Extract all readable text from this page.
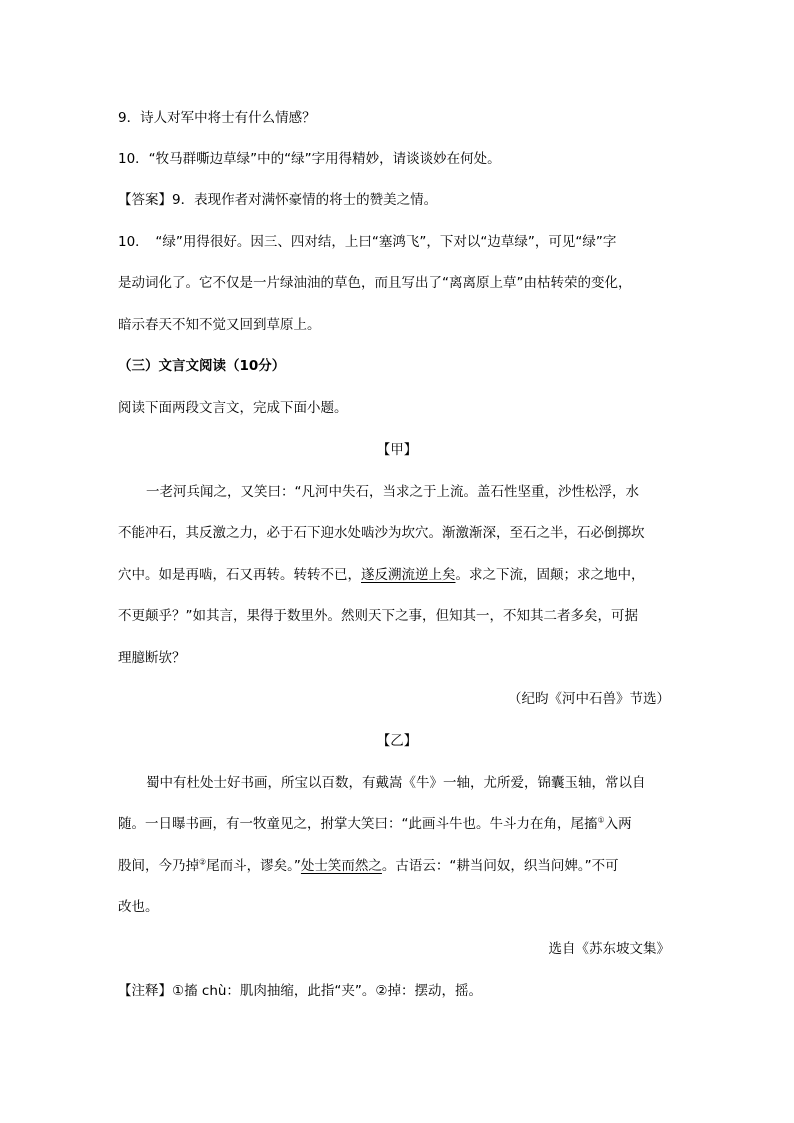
9．诗人对军中将士有什么情感？
10．“牧马群嘶边草绿”中的“绿”字用得精妙，请谈谈妙在何处。
【答案】9．表现作者对满怀豪情的将士的赞美之情。
10．　“绿”用得很好。因三、四对结，上曰“塞鸿飞”，下对以“边草绿”，可见“绿”字
是动词化了。它不仅是一片绿油油的草色，而且写出了“离离原上草”由枯转荣的变化，
暗示春天不知不觉又回到草原上。
（三）文言文阅读（10分）
阅读下面两段文言文，完成下面小题。
【甲】
一老河兵闻之，又笑曰：“凡河中失石，当求之于上流。盖石性坚重，沙性松浮，水
不能冲石，其反激之力，必于石下迎水处啮沙为坎穴。渐激渐深，至石之半，石必倒掷坎
穴中。如是再啮，石又再转。转转不已，遂反溯流逆上矣。求之下流，固颠；求之地中，
不更颠乎？”如其言，果得于数里外。然则天下之事，但知其一，不知其二者多矣，可据
理臆断欤？
（纪昀《河中石兽》节选）
【乙】
蜀中有杜处士好书画，所宝以百数，有戴嵩《牛》一轴，尤所爱，锦囊玉轴，常以自
随。一日曝书画，有一牧童见之，拊掌大笑曰：“此画斗牛也。牛斗力在角，尾搐①入两
股间，今乃掉②尾而斗，谬矣。”处士笑而然之。古语云：“耕当问奴，织当问婢。”不可
改也。
选自《苏东坡文集》
【注释】①搐 chù：肌肉抽缩，此指“夹”。②掉：摆动，摇。
